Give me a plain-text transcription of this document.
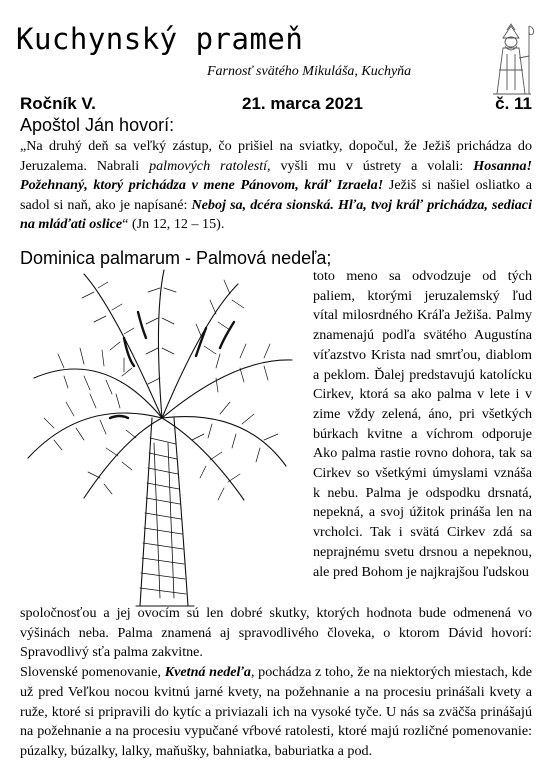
Kuchynský prameň
Farnosť svätého Mikuláša, Kuchyňa
Ročník V.	21. marca 2021	č. 11
Apoštol Ján hovorí:

„Na druhý deň sa veľký zástup, čo prišiel na sviatky, dopočul, že Ježiš prichádza do Jeruzalema. Nabrali palmových ratolestí, vyšli mu v ústrety a volali: Hosanna! Požehnaný, ktorý prichádza v mene Pánovom, kráľ Izraela! Ježiš si našiel osliatko a sadol si naň, ako je napísané: Neboj sa, dcéra sionská. Hľa, tvoj kráľ prichádza, sediaci na mláďati oslice“ (Jn 12, 12 – 15).

Dominica palmarum - Palmová nedeľa;

toto meno sa odvodzuje od tých paliem, ktorými jeruzalemský ľud vítal milosrdného Kráľa Ježiša. Palmy znamenajú podľa svätého Augustína víťazstvo Krista nad smrťou, diablom a peklom. Ďalej predstavujú katolícku Cirkev, ktorá sa ako palma v lete i v zime vždy zelená, áno, pri všetkých búrkach kvitne a víchrom odporuje Ako palma rastie rovno dohora, tak sa Cirkev so všetkými úmyslami vznáša k nebu. Palma je odspodku drsnatá, nepekná, a svoj úžitok prináša len na vrcholci. Tak i svätá Cirkev zdá sa neprajnému svetu drsnou a nepeknou, ale pred Bohom je najkrajšou ľudskou

spoločnosťou a jej ovocím sú len dobré skutky, ktorých hodnota bude odmenená vo výšinách neba. Palma znamená aj spravodlivého človeka, o ktorom Dávid hovorí: Spravodlivý sťa palma zakvitne.

Slovenské pomenovanie, Kvetná nedeľa, pochádza z toho, že na niektorých miestach, kde už pred Veľkou nocou kvitnú jarné kvety, na požehnanie a na procesiu prinášali kvety a ruže, ktoré si pripravili do kytíc a priviazali ich na vysoké tyče. U nás sa zväčša prinášajú na požehnanie a na procesiu vypučané vŕbové ratolesti, ktoré majú rozličné pomenovanie: púzalky, búzalky, lalky, maňušky, bahniatka, baburiatka a pod.
